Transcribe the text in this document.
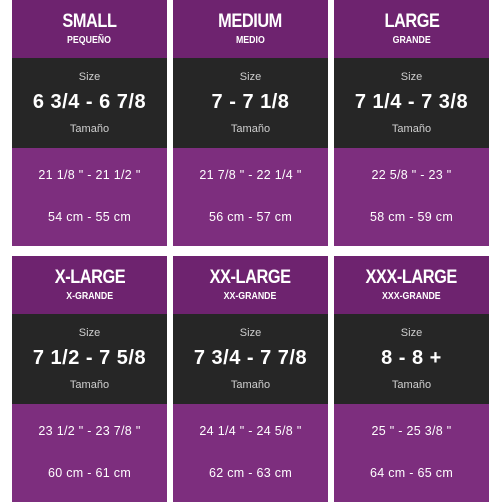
SMALL
PEQUEÑO
Size
6 3/4 - 6 7/8
Tamaño
21 1/8 " - 21 1/2 "
54 cm - 55 cm
MEDIUM
MEDIO
Size
7 - 7 1/8
Tamaño
21 7/8 " - 22 1/4 "
56 cm - 57 cm
LARGE
GRANDE
Size
7 1/4 - 7 3/8
Tamaño
22 5/8 " - 23 "
58 cm - 59 cm
X-LARGE
X-GRANDE
Size
7 1/2 - 7 5/8
Tamaño
23 1/2 " - 23 7/8 "
60 cm - 61 cm
XX-LARGE
XX-GRANDE
Size
7 3/4 - 7 7/8
Tamaño
24 1/4 " - 24 5/8 "
62 cm - 63 cm
XXX-LARGE
XXX-GRANDE
Size
8 - 8 +
Tamaño
25 " - 25 3/8 "
64 cm - 65 cm
